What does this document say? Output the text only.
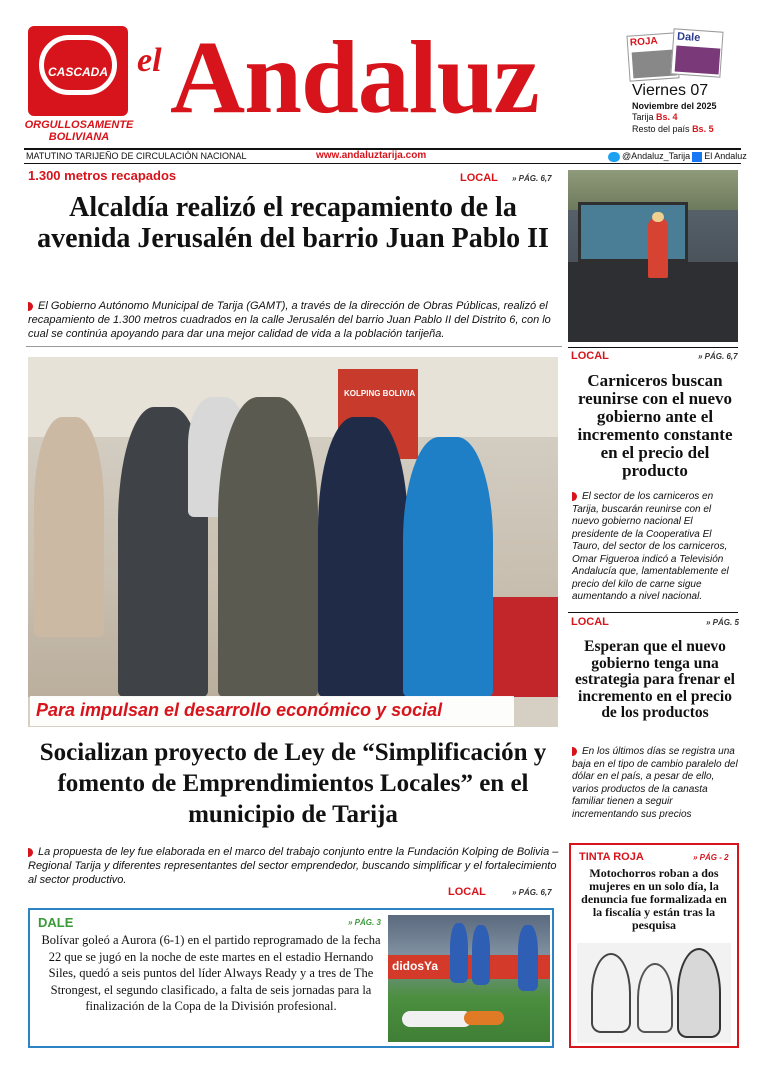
CASCADA
ORGULLOSAMENTE BOLIVIANA
el Andaluz	ROJA Dale
Viernes 07
Noviembre del 2025
Tarija Bs. 4
Resto del país Bs. 5
MATUTINO TARIJEÑO DE CIRCULACIÓN NACIONAL	www.andaluztarija.com	@Andaluz_Tarija El Andaluz
1.300 metros recapados	LOCAL » PÁG. 6,7
Alcaldía realizó el recapamiento de la avenida Jerusalén del barrio Juan Pablo II
El Gobierno Autónomo Municipal de Tarija (GAMT), a través de la dirección de Obras Públicas, realizó el recapamiento de 1.300 metros cuadrados en la calle Jerusalén del barrio Juan Pablo II del Distrito 6, con lo cual se continúa apoyando para dar una mejor calidad de vida a la población tarijeña.
KOLPING BOLIVIA
Para impulsan el desarrollo económico y social
Socializan proyecto de Ley de “Simplificación y fomento de Emprendimientos Locales” en el municipio de Tarija
La propuesta de ley fue elaborada en el marco del trabajo conjunto entre la Fundación Kolping de Bolivia – Regional Tarija y diferentes representantes del sector emprendedor, buscando simplificar y el fortalecimiento al sector productivo.
LOCAL	» PÁG. 6,7
LOCAL	» PÁG. 6,7
Carniceros buscan reunirse con el nuevo gobierno ante el incremento constante en el precio del producto
El sector de los carniceros en Tarija, buscarán reunirse con el nuevo gobierno nacional El presidente de la Cooperativa El Tauro, del sector de los carniceros, Omar Figueroa indicó a Televisión Andalucía que, lamentablemente el precio del kilo de carne sigue aumentando a nivel nacional.
LOCAL	» PÁG. 5
Esperan que el nuevo gobierno tenga una estrategia para frenar el incremento en el precio de los productos
En los últimos días se registra una baja en el tipo de cambio paralelo del dólar en el país, a pesar de ello, varios productos de la canasta familiar tienen a seguir incrementando sus precios
TINTA ROJA	» PÁG - 2
Motochorros roban a dos mujeres en un solo día, la denuncia fue formalizada en la fiscalía y están tras la pesquisa
DALE	» PÁG. 3
Bolívar goleó a Aurora (6-1) en el partido reprogramado de la fecha 22 que se jugó en la noche de este martes en el estadio Hernando Siles, quedó a seis puntos del líder Always Ready y a tres de The Strongest, el segundo clasificado, a falta de seis jornadas para la finalización de la Copa de la División profesional.
didosYa
